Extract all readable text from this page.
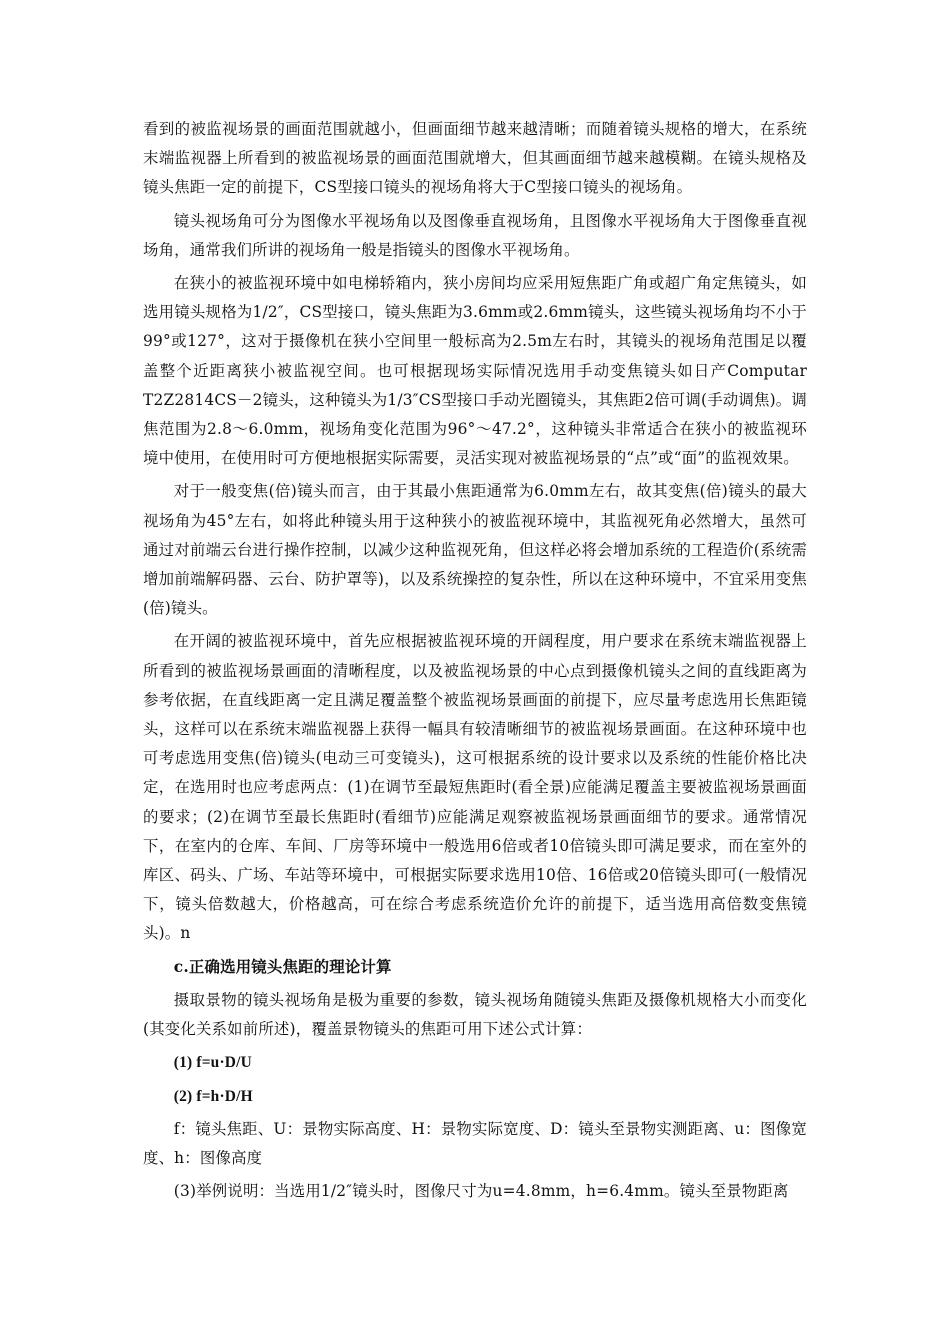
看到的被监视场景的画面范围就越小，但画面细节越来越清晰；而随着镜头规格的增大，在系统末端监视器上所看到的被监视场景的画面范围就增大，但其画面细节越来越模糊。在镜头规格及镜头焦距一定的前提下，CS型接口镜头的视场角将大于C型接口镜头的视场角。

镜头视场角可分为图像水平视场角以及图像垂直视场角，且图像水平视场角大于图像垂直视场角，通常我们所讲的视场角一般是指镜头的图像水平视场角。

在狭小的被监视环境中如电梯轿箱内，狭小房间均应采用短焦距广角或超广角定焦镜头，如选用镜头规格为1/2″，CS型接口，镜头焦距为3.6mm或2.6mm镜头，这些镜头视场角均不小于99°或127°，这对于摄像机在狭小空间里一般标高为2.5m左右时，其镜头的视场角范围足以覆盖整个近距离狭小被监视空间。也可根据现场实际情况选用手动变焦镜头如日产Computar T2Z2814CS－2镜头，这种镜头为1/3″CS型接口手动光圈镜头，其焦距2倍可调(手动调焦)。调焦范围为2.8～6.0mm，视场角变化范围为96°～47.2°，这种镜头非常适合在狭小的被监视环境中使用，在使用时可方便地根据实际需要，灵活实现对被监视场景的“点”或“面”的监视效果。

对于一般变焦(倍)镜头而言，由于其最小焦距通常为6.0mm左右，故其变焦(倍)镜头的最大视场角为45°左右，如将此种镜头用于这种狭小的被监视环境中，其监视死角必然增大，虽然可通过对前端云台进行操作控制，以减少这种监视死角，但这样必将会增加系统的工程造价(系统需增加前端解码器、云台、防护罩等)，以及系统操控的复杂性，所以在这种环境中，不宜采用变焦(倍)镜头。

在开阔的被监视环境中，首先应根据被监视环境的开阔程度，用户要求在系统末端监视器上所看到的被监视场景画面的清晰程度，以及被监视场景的中心点到摄像机镜头之间的直线距离为参考依据，在直线距离一定且满足覆盖整个被监视场景画面的前提下，应尽量考虑选用长焦距镜头，这样可以在系统末端监视器上获得一幅具有较清晰细节的被监视场景画面。在这种环境中也可考虑选用变焦(倍)镜头(电动三可变镜头)，这可根据系统的设计要求以及系统的性能价格比决定，在选用时也应考虑两点：(1)在调节至最短焦距时(看全景)应能满足覆盖主要被监视场景画面的要求；(2)在调节至最长焦距时(看细节)应能满足观察被监视场景画面细节的要求。通常情况下，在室内的仓库、车间、厂房等环境中一般选用6倍或者10倍镜头即可满足要求，而在室外的库区、码头、广场、车站等环境中，可根据实际要求选用10倍、16倍或20倍镜头即可(一般情况下，镜头倍数越大，价格越高，可在综合考虑系统造价允许的前提下，适当选用高倍数变焦镜头)。n

c.正确选用镜头焦距的理论计算

摄取景物的镜头视场角是极为重要的参数，镜头视场角随镜头焦距及摄像机规格大小而变化(其变化关系如前所述)，覆盖景物镜头的焦距可用下述公式计算：

(1) f=u·D/U

(2) f=h·D/H

f：镜头焦距、U：景物实际高度、H：景物实际宽度、D：镜头至景物实测距离、u：图像宽度、h：图像高度

(3)举例说明：当选用1/2″镜头时，图像尺寸为u=4.8mm，h=6.4mm。镜头至景物距离
